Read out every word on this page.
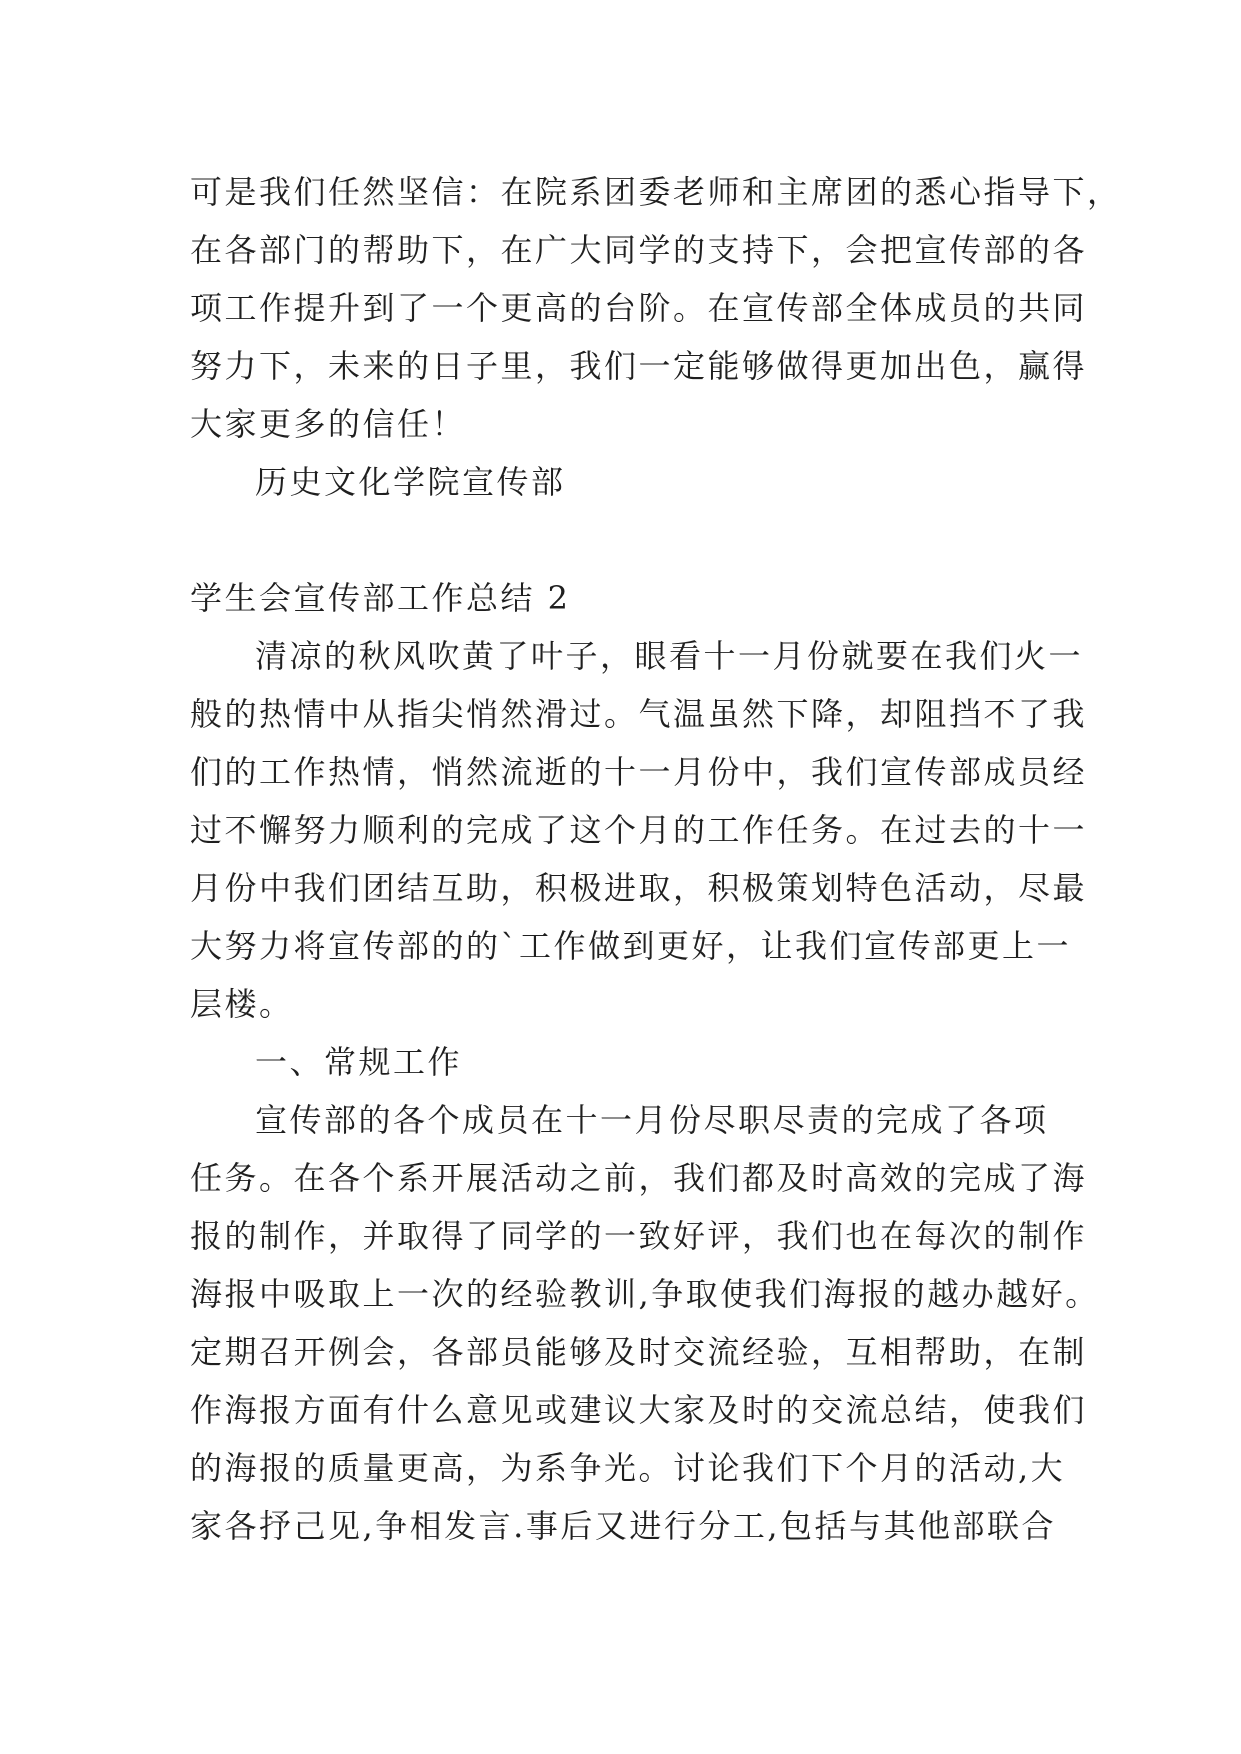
可是我们任然坚信：在院系团委老师和主席团的悉心指导下，
在各部门的帮助下，在广大同学的支持下，会把宣传部的各
项工作提升到了一个更高的台阶。在宣传部全体成员的共同
努力下，未来的日子里，我们一定能够做得更加出色，赢得
大家更多的信任！
历史文化学院宣传部
学生会宣传部工作总结 2
清凉的秋风吹黄了叶子，眼看十一月份就要在我们火一
般的热情中从指尖悄然滑过。气温虽然下降，却阻挡不了我
们的工作热情，悄然流逝的十一月份中，我们宣传部成员经
过不懈努力顺利的完成了这个月的工作任务。在过去的十一
月份中我们团结互助，积极进取，积极策划特色活动，尽最
大努力将宣传部的的`工作做到更好，让我们宣传部更上一
层楼。
一、常规工作
宣传部的各个成员在十一月份尽职尽责的完成了各项
任务。在各个系开展活动之前，我们都及时高效的完成了海
报的制作，并取得了同学的一致好评，我们也在每次的制作
海报中吸取上一次的经验教训,争取使我们海报的越办越好。
定期召开例会，各部员能够及时交流经验，互相帮助，在制
作海报方面有什么意见或建议大家及时的交流总结，使我们
的海报的质量更高，为系争光。讨论我们下个月的活动,大
家各抒己见,争相发言.事后又进行分工,包括与其他部联合
